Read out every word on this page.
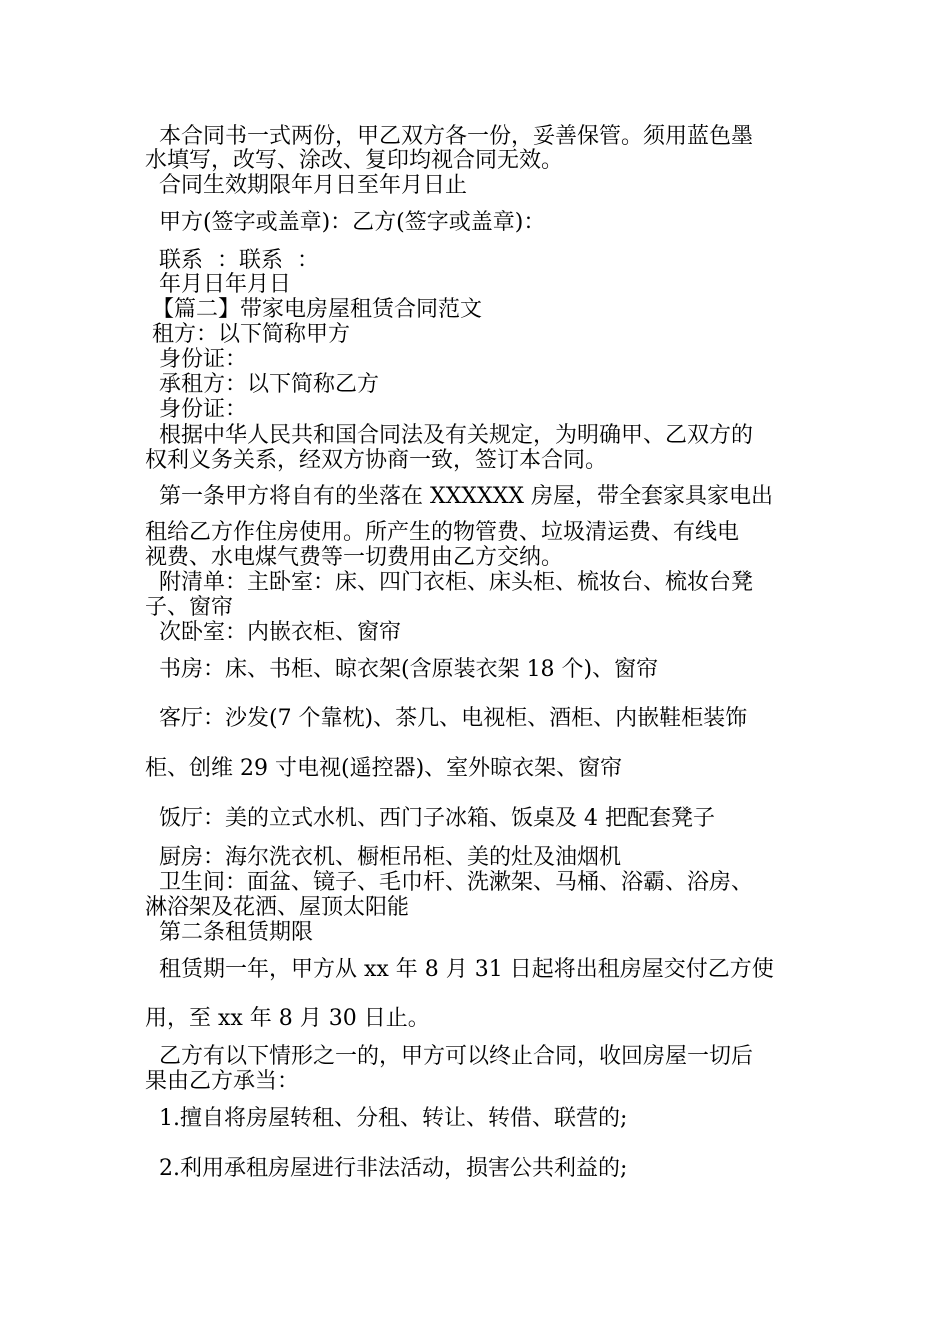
本合同书一式两份，甲乙双方各一份，妥善保管。须用蓝色墨
水填写，改写、涂改、复印均视合同无效。
合同生效期限年月日至年月日止
甲方(签字或盖章)：乙方(签字或盖章)：
联系  ：联系  ：
年月日年月日
【篇二】带家电房屋租赁合同范文
租方：以下简称甲方
身份证：
承租方：以下简称乙方
身份证：
根据中华人民共和国合同法及有关规定，为明确甲、乙双方的
权利义务关系，经双方协商一致，签订本合同。
第一条甲方将自有的坐落在 XXXXXX 房屋，带全套家具家电出
租给乙方作住房使用。所产生的物管费、垃圾清运费、有线电
视费、水电煤气费等一切费用由乙方交纳。
附清单：主卧室：床、四门衣柜、床头柜、梳妆台、梳妆台凳
子、窗帘
次卧室：内嵌衣柜、窗帘
书房：床、书柜、晾衣架(含原装衣架 18 个)、窗帘
客厅：沙发(7 个靠枕)、茶几、电视柜、酒柜、内嵌鞋柜装饰
柜、创维 29 寸电视(遥控器)、室外晾衣架、窗帘
饭厅：美的立式水机、西门子冰箱、饭桌及 4 把配套凳子
厨房：海尔洗衣机、橱柜吊柜、美的灶及油烟机
卫生间：面盆、镜子、毛巾杆、洗漱架、马桶、浴霸、浴房、
淋浴架及花洒、屋顶太阳能
第二条租赁期限
租赁期一年，甲方从 xx 年 8 月 31 日起将出租房屋交付乙方使
用，至 xx 年 8 月 30 日止。
乙方有以下情形之一的，甲方可以终止合同，收回房屋一切后
果由乙方承当：
1.擅自将房屋转租、分租、转让、转借、联营的;
2.利用承租房屋进行非法活动，损害公共利益的;
